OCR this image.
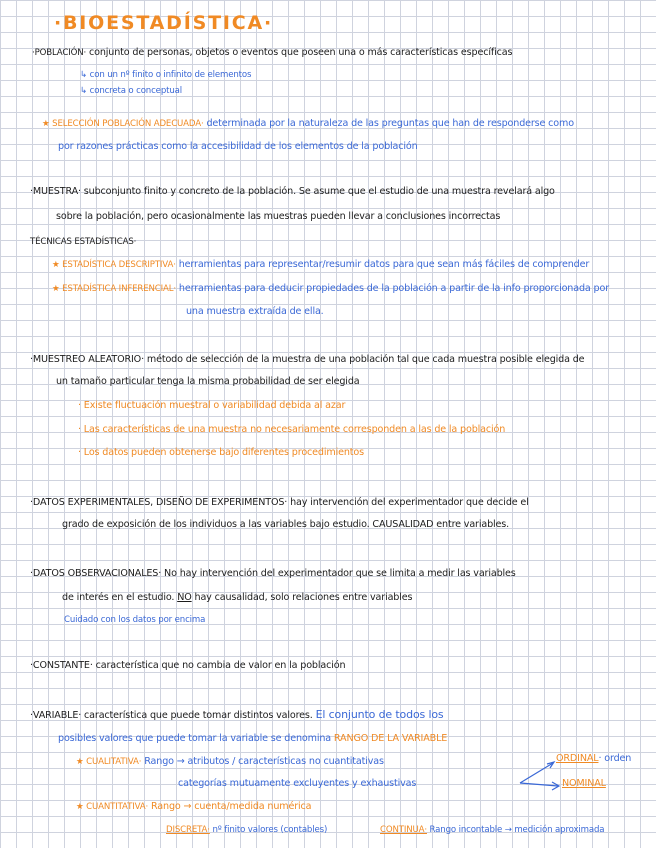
·BIOESTADÍSTICA·
·POBLACIÓN· conjunto de personas, objetos o eventos que poseen una o más características específicas
↳ con un nº finito o infinito de elementos
↳ concreta o conceptual
★ SELECCIÓN POBLACIÓN ADECUADA· determinada por la naturaleza de las preguntas que han de responderse como
por razones prácticas como la accesibilidad de los elementos de la población
·MUESTRA· subconjunto finito y concreto de la población. Se asume que el estudio de una muestra revelará algo
sobre la población, pero ocasionalmente las muestras pueden llevar a conclusiones incorrectas
TÉCNICAS ESTADÍSTICAS·
★ ESTADÍSTICA DESCRIPTIVA· herramientas para representar/resumir datos para que sean más fáciles de comprender
★ ESTADÍSTICA INFERENCIAL· herramientas para deducir propiedades de la población a partir de la info proporcionada por
una muestra extraída de ella.
·MUESTREO ALEATORIO· método de selección de la muestra de una población tal que cada muestra posible elegida de
un tamaño particular tenga la misma probabilidad de ser elegida
· Existe fluctuación muestral o variabilidad debida al azar
· Las características de una muestra no necesariamente corresponden a las de la población
· Los datos pueden obtenerse bajo diferentes procedimientos
·DATOS EXPERIMENTALES, DISEÑO DE EXPERIMENTOS· hay intervención del experimentador que decide el
grado de exposición de los individuos a las variables bajo estudio. CAUSALIDAD entre variables.
·DATOS OBSERVACIONALES· No hay intervención del experimentador que se limita a medir las variables
de interés en el estudio. NO hay causalidad, solo relaciones entre variables
Cuidado con los datos por encima
·CONSTANTE· característica que no cambia de valor en la población
·VARIABLE· característica que puede tomar distintos valores. El conjunto de todos los
posibles valores que puede tomar la variable se denomina RANGO DE LA VARIABLE
★ CUALITATIVA· Rango → atributos / características no cuantitativas
categorías mutuamente excluyentes y exhaustivas
ORDINAL· orden
NOMINAL
★ CUANTITATIVA· Rango → cuenta/medida numérica
DISCRETA· nº finito valores (contables)	CONTINUA· Rango incontable → medición aproximada
